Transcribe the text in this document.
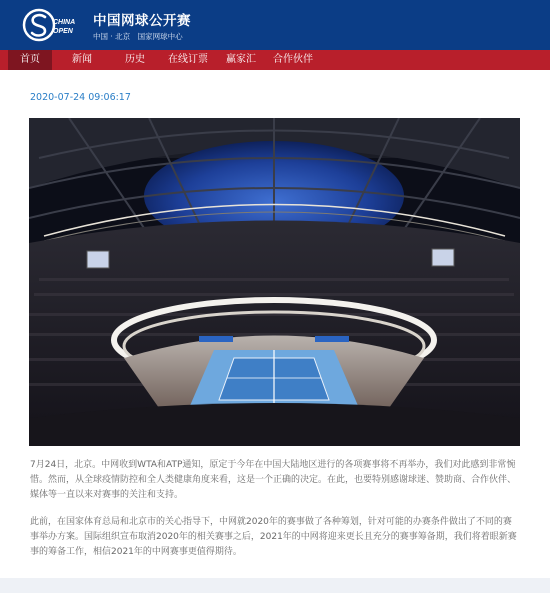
CHINA
OPEN
中国网球公开赛
中国 · 北京　国家网球中心
首页	新闻	历史	在线订票	赢家汇	合作伙伴
2020-07-24 09:06:17
7月24日，北京。中网收到WTA和ATP通知，原定于今年在中国大陆地区进行的各项赛事将不再举办，我们对此感到非常惋惜。然而，从全球疫情防控和全人类健康角度来看，这是一个正确的决定。在此，也要特别感谢球迷、赞助商、合作伙伴、媒体等一直以来对赛事的关注和支持。
此前，在国家体育总局和北京市的关心指导下，中网就2020年的赛事做了各种筹划，针对可能的办赛条件做出了不同的赛事举办方案。国际组织宣布取消2020年的相关赛事之后，2021年的中网将迎来更长且充分的赛事筹备期，我们将着眼新赛事的筹备工作，相信2021年的中网赛事更值得期待。
